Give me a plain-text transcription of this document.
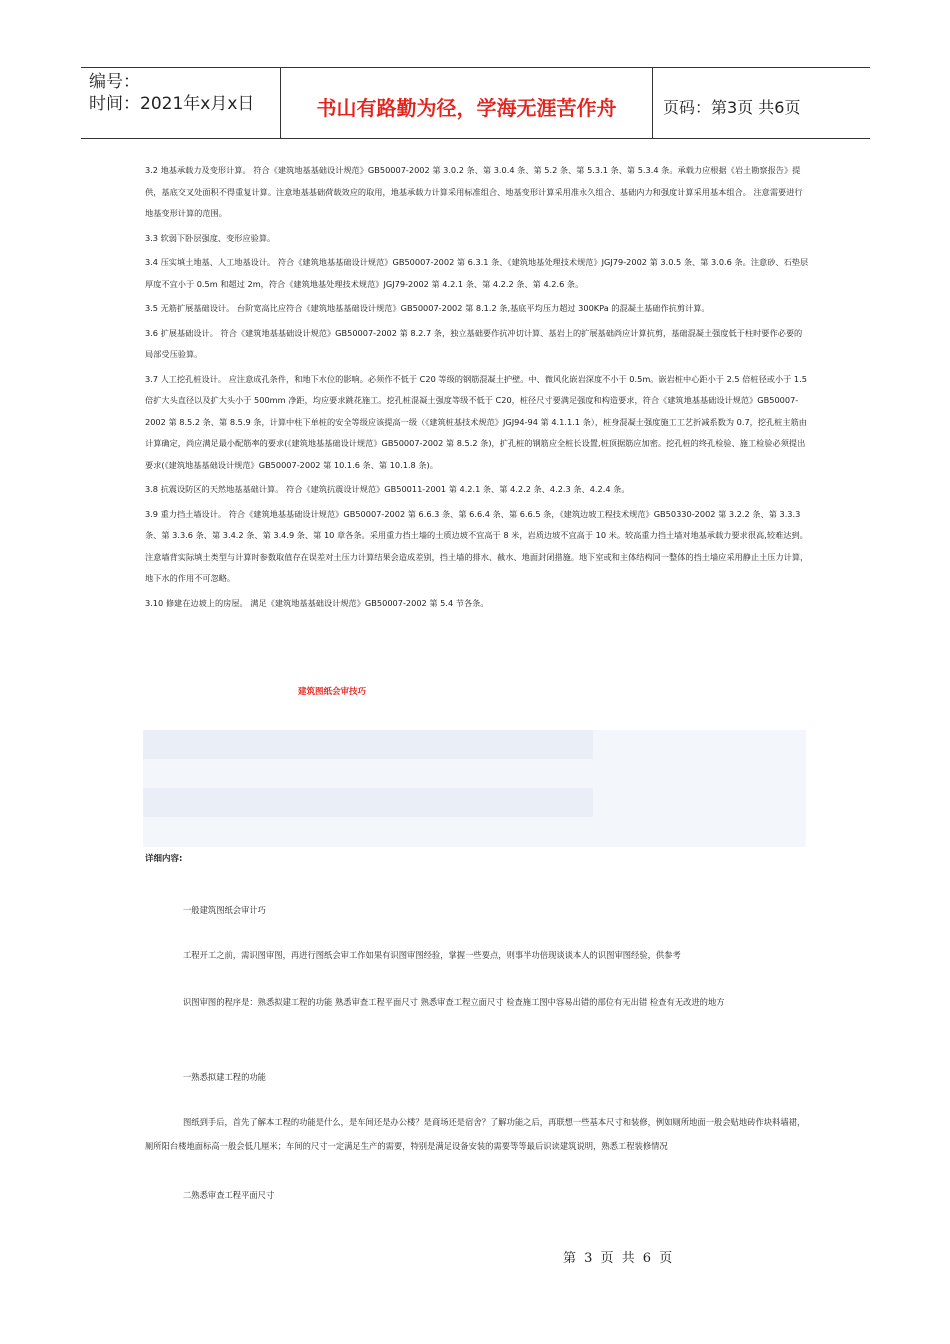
编号：
时间：2021年x月x日	书山有路勤为径，学海无涯苦作舟	页码：第3页 共6页

3.2 地基承载力及变形计算。 符合《建筑地基基础设计规范》GB50007-2002 第 3.0.2 条、第 3.0.4 条、第 5.2 条、第 5.3.1 条、第 5.3.4 条。承载力应根据《岩土勘察报告》提供，基底交叉处面积不得重复计算。注意地基基础荷载效应的取用，地基承载力计算采用标准组合、地基变形计算采用准永久组合、基础内力和强度计算采用基本组合。 注意需要进行地基变形计算的范围。

3.3 软弱下卧层强度、变形应验算。

3.4 压实填土地基、人工地基设计。 符合《建筑地基基础设计规范》GB50007-2002 第 6.3.1 条、《建筑地基处理技术规范》JGJ79-2002 第 3.0.5 条、第 3.0.6 条。注意砂、石垫层厚度不宜小于 0.5m 和超过 2m，符合《建筑地基处理技术规范》JGJ79-2002 第 4.2.1 条、第 4.2.2 条、第 4.2.6 条。

3.5 无筋扩展基础设计。 台阶宽高比应符合《建筑地基基础设计规范》GB50007-2002 第 8.1.2 条,基底平均压力超过 300KPa 的混凝土基础作抗剪计算。

3.6 扩展基础设计。 符合《建筑地基基础设计规范》GB50007-2002 第 8.2.7 条，独立基础要作抗冲切计算、基岩上的扩展基础尚应计算抗剪，基础混凝土强度低于柱时要作必要的局部受压验算。

3.7 人工挖孔桩设计。 应注意成孔条件，和地下水位的影响。必须作不低于 C20 等级的钢筋混凝土护壁。中、微风化嵌岩深度不小于 0.5m。嵌岩桩中心距小于 2.5 倍桩径或小于 1.5 倍扩大头直径以及扩大头小于 500mm 净距，均应要求跳花施工。挖孔桩混凝土强度等级不低于 C20，桩径尺寸要满足强度和构造要求，符合《建筑地基基础设计规范》GB50007-2002 第 8.5.2 条、第 8.5.9 条，计算中柱下单桩的安全等级应该提高一级（《建筑桩基技术规范》JGJ94-94 第 4.1.1.1 条），桩身混凝土强度施工工艺折减系数为 0.7，挖孔桩主筋由计算确定，尚应满足最小配筋率的要求(《建筑地基基础设计规范》GB50007-2002 第 8.5.2 条)，扩孔桩的钢筋应全桩长设置,桩顶据筋应加密。挖孔桩的终孔检验、施工检验必须提出要求(《建筑地基基础设计规范》GB50007-2002 第 10.1.6 条、第 10.1.8 条)。

3.8 抗震设防区的天然地基基础计算。 符合《建筑抗震设计规范》GB50011-2001 第 4.2.1 条、第 4.2.2 条、4.2.3 条、4.2.4 条。

3.9 重力挡土墙设计。 符合《建筑地基基础设计规范》GB50007-2002 第 6.6.3 条、第 6.6.4 条、第 6.6.5 条，《建筑边坡工程技术规范》GB50330-2002 第 3.2.2 条、第 3.3.3 条、第 3.3.6 条、第 3.4.2 条、第 3.4.9 条、第 10 章各条。采用重力挡土墙的土质边坡不宜高于 8 米，岩质边坡不宜高于 10 米。较高重力挡土墙对地基承载力要求很高,较难达到。注意墙背实际填土类型与计算时参数取值存在误差对土压力计算结果会造成差别，挡土墙的排水、截水、地面封闭措施。地下室或和主体结构同一整体的挡土墙应采用静止土压力计算，地下水的作用不可忽略。

3.10 修建在边坡上的房屋。 满足《建筑地基基础设计规范》GB50007-2002 第 5.4 节各条。

建筑图纸会审技巧
详细内容:
一般建筑图纸会审计巧
工程开工之前，需识图审图，再进行图纸会审工作如果有识图审图经验，掌握一些要点，则事半功倍现谈谈本人的识图审图经验，供参考
识图审图的程序是：熟悉拟建工程的功能 熟悉审查工程平面尺寸 熟悉审查工程立面尺寸 检查施工图中容易出错的部位有无出错 检查有无改进的地方
一熟悉拟建工程的功能
图纸到手后，首先了解本工程的功能是什么，是车间还是办公楼？是商场还是宿舍？了解功能之后，再联想一些基本尺寸和装修，例如厕所地面一般会贴地砖作块料墙裙，厕所阳台楼地面标高一般会低几厘米；车间的尺寸一定满足生产的需要，特别是满足设备安装的需要等等最后识读建筑说明，熟悉工程装修情况
二熟悉审查工程平面尺寸
第 3 页 共 6 页
